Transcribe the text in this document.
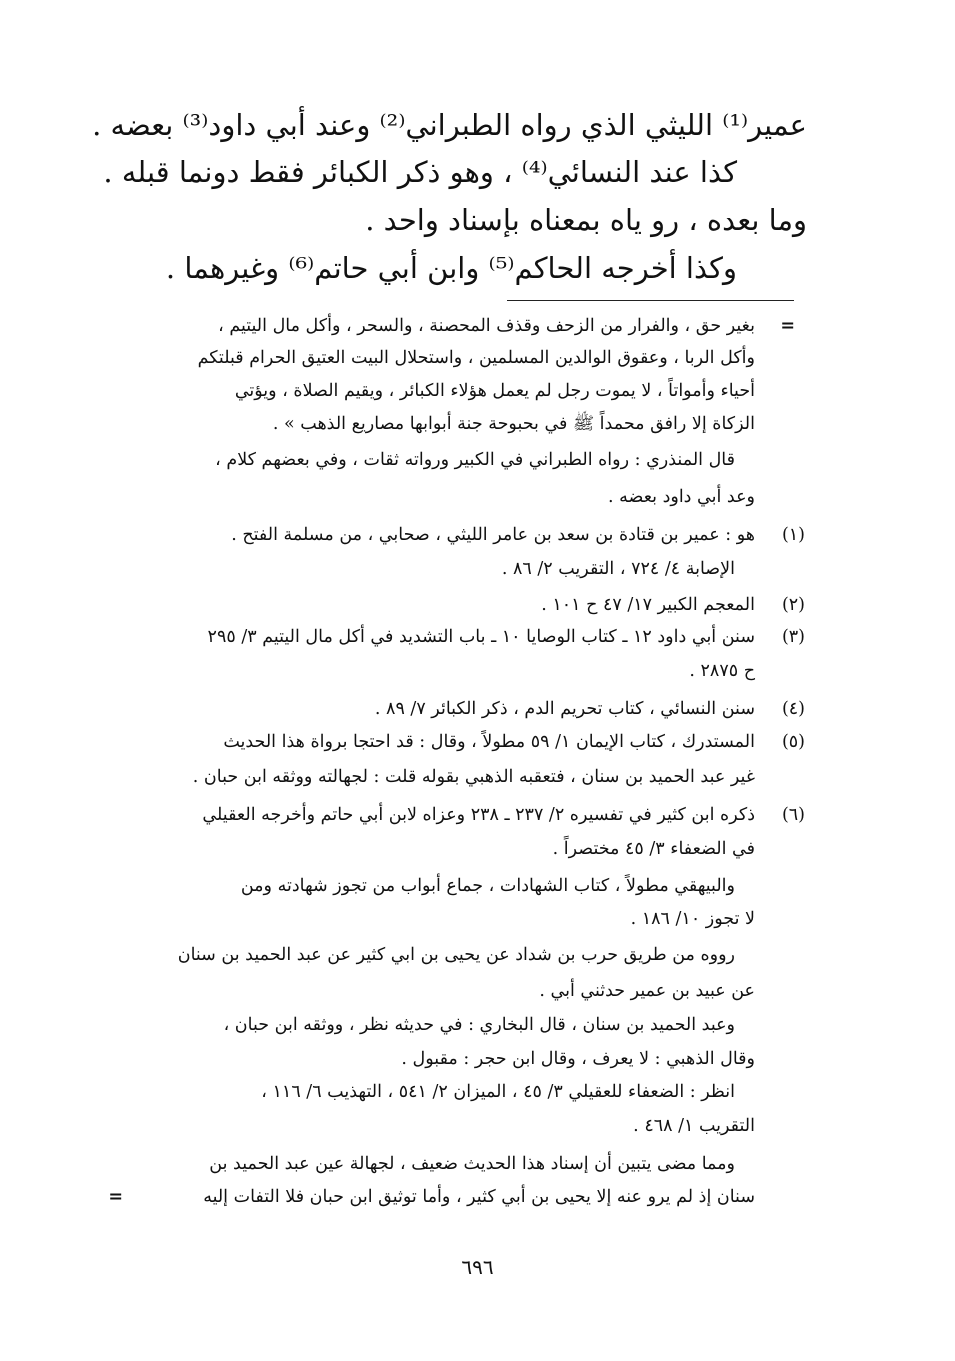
عمير⁽¹⁾ الليثي الذي رواه الطبراني⁽²⁾ وعند أبي داود⁽³⁾ بعضه .
كذا عند النسائي⁽⁴⁾ ، وهو ذكر الكبائر فقط دونما قبله .
وما بعده ، رو ياه بمعناه بإسناد واحد .
وكذا أخرجه الحاكم⁽⁵⁾ وابن أبي حاتم⁽⁶⁾ وغيرهما .
=
بغير حق ، والفرار من الزحف وقذف المحصنة ، والسحر ، وأكل مال اليتيم ،
وأكل الربا ، وعقوق الوالدين المسلمين ، واستحلال البيت العتيق الحرام قبلتكم
أحياء وأمواتاً ، لا يموت رجل لم يعمل هؤلاء الكبائر ، ويقيم الصلاة ، ويؤتي
الزكاة إلا رافق محمداً ﷺ في بحبوحة جنة أبوابها مصاريع الذهب » .
قال المنذري : رواه الطبراني في الكبير ورواته ثقات ، وفي بعضهم كلام ،
وعد أبي داود بعضه .
(١)
هو : عمير بن قتادة بن سعد بن عامر الليثي ، صحابي ، من مسلمة الفتح .
الإصابة ٤/ ٧٢٤ ، التقريب ٢/ ٨٦ .
(٢)
المعجم الكبير ١٧/ ٤٧ ح ١٠١ .
(٣)
سنن أبي داود ١٢ ـ كتاب الوصايا ١٠ ـ باب التشديد في أكل مال اليتيم ٣/ ٢٩٥
ح ٢٨٧٥ .
(٤)
سنن النسائي ، كتاب تحريم الدم ، ذكر الكبائر ٧/ ٨٩ .
(٥)
المستدرك ، كتاب الإيمان ١/ ٥٩ مطولاً ، وقال : قد احتجا برواة هذا الحديث
غير عبد الحميد بن سنان ، فتعقبه الذهبي بقوله قلت : لجهالته ووثقه ابن حبان .
(٦)
ذكره ابن كثير في تفسيره ٢/ ٢٣٧ ـ ٢٣٨ وعزاه لابن أبي حاتم وأخرجه العقيلي
في الضعفاء ٣/ ٤٥ مختصراً .
والبيهقي مطولاً ، كتاب الشهادات ، جماع أبواب من تجوز شهادته ومن
لا تجوز ١٠/ ١٨٦ .
رووه من طريق حرب بن شداد عن يحيى بن ابي كثير عن عبد الحميد بن سنان
عن عبيد بن عمير حدثني أبي .
وعبد الحميد بن سنان ، قال البخاري : في حديثه نظر ، ووثقه ابن حبان ،
وقال الذهبي : لا يعرف ، وقال ابن حجر : مقبول .
انظر : الضعفاء للعقيلي ٣/ ٤٥ ، الميزان ٢/ ٥٤١ ، التهذيب ٦/ ١١٦ ،
التقريب ١/ ٤٦٨ .
ومما مضى يتبين أن إسناد هذا الحديث ضعيف ، لجهالة عين عبد الحميد بن
سنان إذ لم يرو عنه إلا يحيى بن أبي كثير ، وأما توثيق ابن حبان فلا التفات إليه
=
٦٩٦
